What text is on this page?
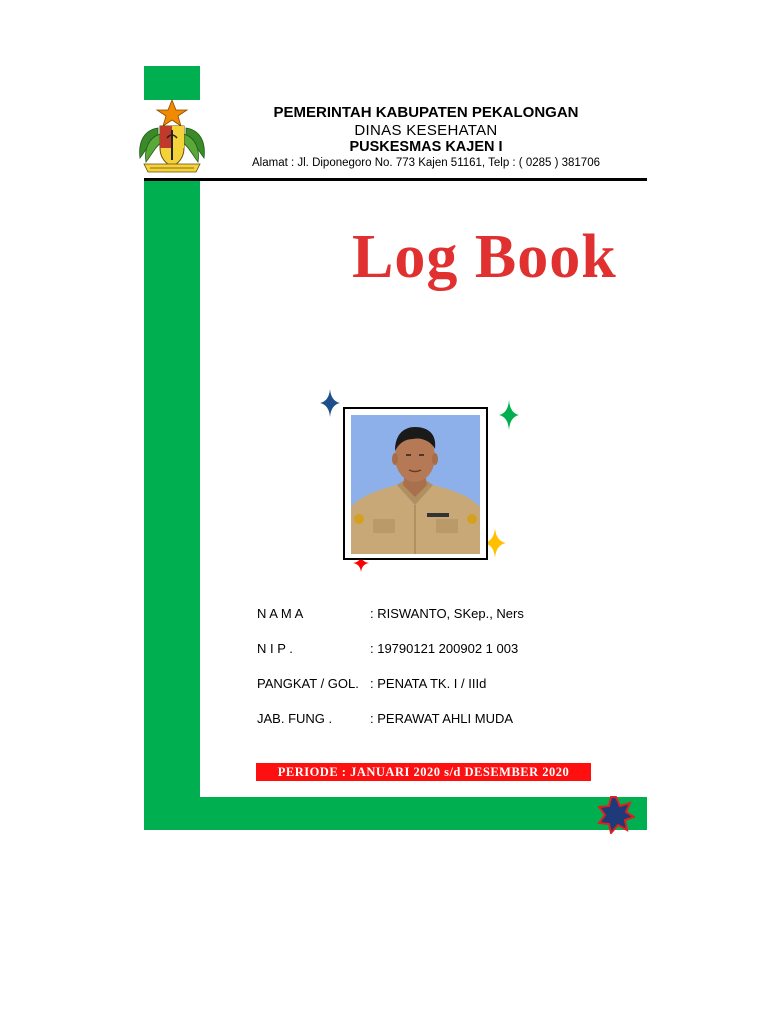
PEMERINTAH KABUPATEN PEKALONGAN
DINAS KESEHATAN
PUSKESMAS KAJEN I
Alamat : Jl. Diponegoro No. 773 Kajen 51161, Telp : ( 0285 ) 381706
Log Book
N A M A	: RISWANTO, SKep., Ners
N I P .	: 19790121 200902 1 003
PANGKAT / GOL. : PENATA TK. I / IIId
JAB. FUNG .	: PERAWAT AHLI MUDA
PERIODE : JANUARI 2020 s/d DESEMBER 2020
